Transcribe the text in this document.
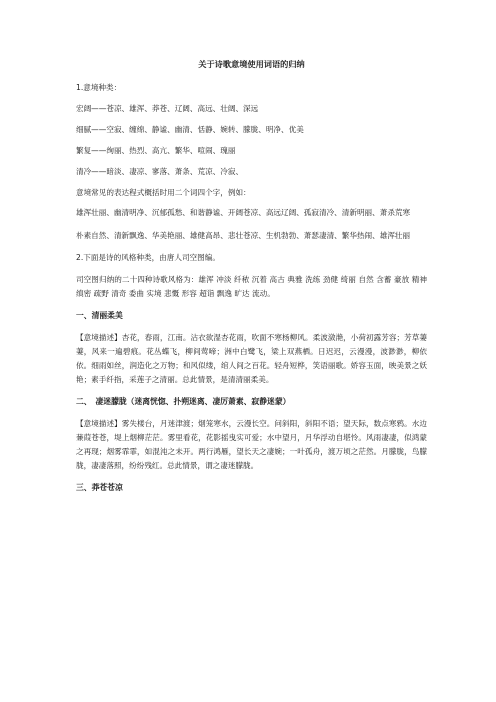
关于诗歌意境使用词语的归纳
1.意境种类：
宏阔——苍凉、雄浑、莽苍、辽阔、高远、壮阔、深远
细腻——空寂、缠绵、静谧、幽清、恬静、婉转、朦胧、明净、优美
繁复——绚丽、热烈、高亢、繁华、喧闹、瑰丽
清冷——暗淡、凄凉、寥落、萧条、荒凉、冷寂、
意境常见的表达程式概括时用二个词四个字，例如：
雄浑壮丽、幽清明净、沉郁孤愁、和谐静谧、开阔苍凉、高远辽阔、孤寂清冷、清新明丽、萧杀荒寒
朴素自然、清新飘逸、华美艳丽、雄健高昂、悲壮苍凉、生机勃勃、萧瑟凄清、繁华热闹、雄浑壮丽
2.下面是诗的风格种类，由唐人司空图编。
司空图归纳的二十四种诗歌风格为：雄浑 冲淡 纤秾 沉着 高古 典雅 洗练 劲健 绮丽 自然 含蓄 豪放 精神 缜密 疏野 清奇 委曲 实境 悲慨 形容 超诣 飘逸 旷达 流动。
一、清丽柔美
【意境描述】杏花，春雨，江南。沾衣欲湿杏花雨，吹面不寒杨柳风。柔波潋滟，小荷初露芳容；芳草萋萋，风来一遍碧痕。花丛蝶飞，柳间莺啼；洲中白鹭飞，梁上双燕栖。日迟迟，云漫漫，波渺渺，柳依依。细雨如丝，润造化之万物；和风似缕，绾人间之百花。轻舟短桦，笑语丽歌。娇容玉面，映美景之妖艳；素手纤指，采莲子之清丽。总此情景，是清清丽柔美。
二、　凄迷朦胧（迷离恍惚、扑朔迷离、凄厉萧素、寂静迷蒙）
【意境描述】雾失楼台，月迷津渡；烟笼寒水，云漫长空。问斜阳，斜阳不语；望天际，数点寒鸦。水边蒹葭苍苍，堤上烟柳茫茫。雾里看花，花影摇曳实可爱；水中望月，月华浮动自堪怜。风雨凄凄，似鸿蒙之再现；烟雾霏霏，如混沌之未开。两行鸿雁，望长天之凄婉；一叶孤舟，渡万顷之茫然。月朦胧，鸟朦胧，凄凄落照，纷纷残红。总此情景，谓之凄迷朦胧。
三、莽苍苍凉
